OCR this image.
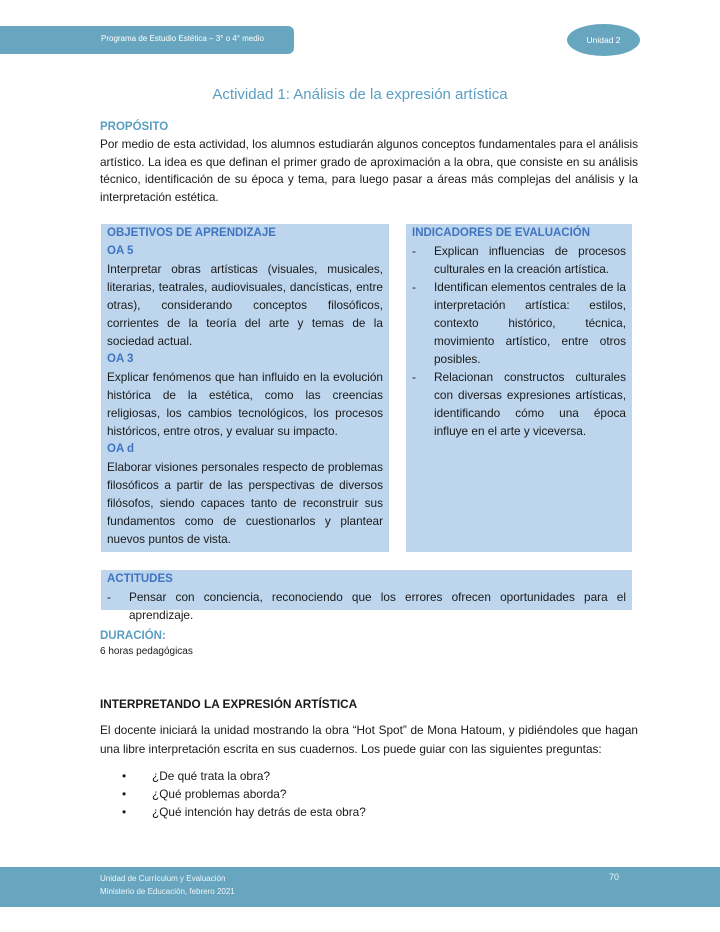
Programa de Estudio Estética – 3° o 4° medio	Unidad 2
Actividad 1: Análisis de la expresión artística
PROPÓSITO
Por medio de esta actividad, los alumnos estudiarán algunos conceptos fundamentales para el análisis artístico. La idea es que definan el primer grado de aproximación a la obra, que consiste en su análisis técnico, identificación de su época y tema, para luego pasar a áreas más complejas del análisis y la interpretación estética.
OBJETIVOS DE APRENDIZAJE
OA 5
Interpretar obras artísticas (visuales, musicales, literarias, teatrales, audiovisuales, dancísticas, entre otras), considerando conceptos filosóficos, corrientes de la teoría del arte y temas de la sociedad actual.
OA 3
Explicar fenómenos que han influido en la evolución histórica de la estética, como las creencias religiosas, los cambios tecnológicos, los procesos históricos, entre otros, y evaluar su impacto.
OA d
Elaborar visiones personales respecto de problemas filosóficos a partir de las perspectivas de diversos filósofos, siendo capaces tanto de reconstruir sus fundamentos como de cuestionarlos y plantear nuevos puntos de vista.
INDICADORES DE EVALUACIÓN
-	Explican influencias de procesos culturales en la creación artística.
-	Identifican elementos centrales de la interpretación artística: estilos, contexto histórico, técnica, movimiento artístico, entre otros posibles.
-	Relacionan constructos culturales con diversas expresiones artísticas, identificando cómo una época influye en el arte y viceversa.
ACTITUDES
-	Pensar con conciencia, reconociendo que los errores ofrecen oportunidades para el aprendizaje.
DURACIÓN:
6 horas pedagógicas
INTERPRETANDO LA EXPRESIÓN ARTÍSTICA
El docente iniciará la unidad mostrando la obra “Hot Spot” de Mona Hatoum, y pidiéndoles que hagan una libre interpretación escrita en sus cuadernos. Los puede guiar con las siguientes preguntas:
•	¿De qué trata la obra?
•	¿Qué problemas aborda?
•	¿Qué intención hay detrás de esta obra?
Unidad de Currículum y Evaluación
Ministerio de Educación, febrero 2021
70
